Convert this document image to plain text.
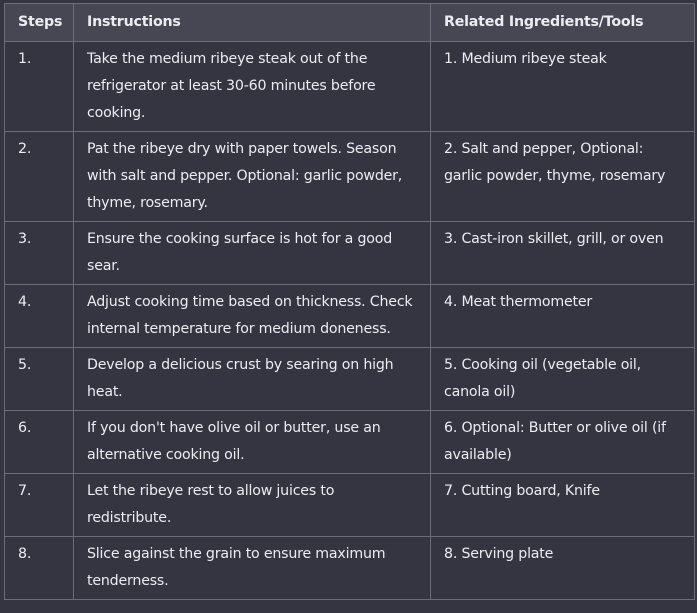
Steps	Instructions	Related Ingredients/Tools
1.	Take the medium ribeye steak out of the refrigerator at least 30-60 minutes before cooking.	1. Medium ribeye steak
2.	Pat the ribeye dry with paper towels. Season with salt and pepper. Optional: garlic powder, thyme, rosemary.	2. Salt and pepper, Optional: garlic powder, thyme, rosemary
3.	Ensure the cooking surface is hot for a good sear.	3. Cast-iron skillet, grill, or oven
4.	Adjust cooking time based on thickness. Check internal temperature for medium doneness.	4. Meat thermometer
5.	Develop a delicious crust by searing on high heat.	5. Cooking oil (vegetable oil, canola oil)
6.	If you don't have olive oil or butter, use an alternative cooking oil.	6. Optional: Butter or olive oil (if available)
7.	Let the ribeye rest to allow juices to redistribute.	7. Cutting board, Knife
8.	Slice against the grain to ensure maximum tenderness.	8. Serving plate
